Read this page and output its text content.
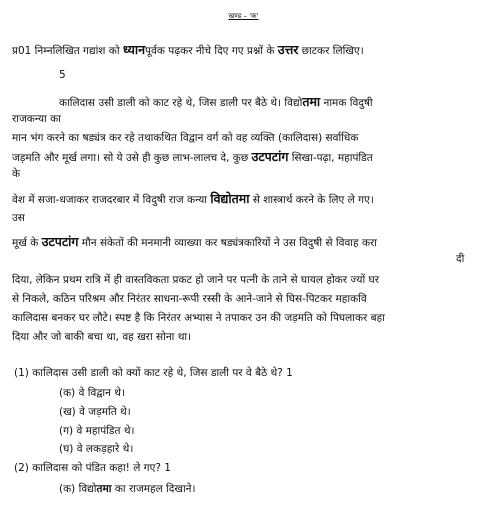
खण्ड – 'क'
प्र01 निम्नलिखित गद्यांश को ध्यानपूर्वक पढ़कर नीचे दिए गए प्रश्नों के उत्तर छाटकर लिखिए।
5
कालिदास उसी डाली को काट रहे थे, जिस डाली पर बैठे थे। विद्योतमा नामक विदुषी
राजकन्या का
मान भंग करने का षड्यंत्र कर रहे तथाकथित विद्वान वर्ग को वह व्यक्ति (कालिदास) सर्वाधिक
जड़मति और मूर्ख लगा। सो ये उसे ही कुछ लाभ-लालच दे, कुछ उटपटांग सिखा-पढ़ा, महापंडित
के
वेश में सजा-धजाकर राजदरबार में विदुषी राज कन्या विद्योतमा से शास्त्रार्थ करने के लिए ले गए।
उस
मूर्ख के उटपटांग मौन संकेतों की मनमानी व्याख्या कर षड्यंत्रकारियों ने उस विदुषी से विवाह करा
दी
दिया, लेकिन प्रथम रात्रि में ही वास्तविकता प्रकट हो जाने पर पत्नी के ताने से घायल होकर ज्यों घर
से निकले, कठिन परिश्रम और निरंतर साधना-रूपी रस्सी के आने-जाने से घिस-पिटकर महाकवि
कालिदास बनकर घर लौटे। स्पष्ट है कि निरंतर अभ्यास ने तपाकर उन की जड़मति को पिघलाकर बहा
दिया और जो बाकी बचा था, वह खरा सोना था।
(1) कालिदास उसी डाली को क्यों काट रहे थे, जिस डाली पर वे बैठे थे? 1
(क) वे विद्वान थे।
(ख) वे जड़मति थे।
(ग) वे महापंडित थे।
(घ) वे लकड़हारे थे।
(2) कालिदास को पंडित कहा! ले गए? 1
(क) विद्योतमा का राजमहल दिखाने।
